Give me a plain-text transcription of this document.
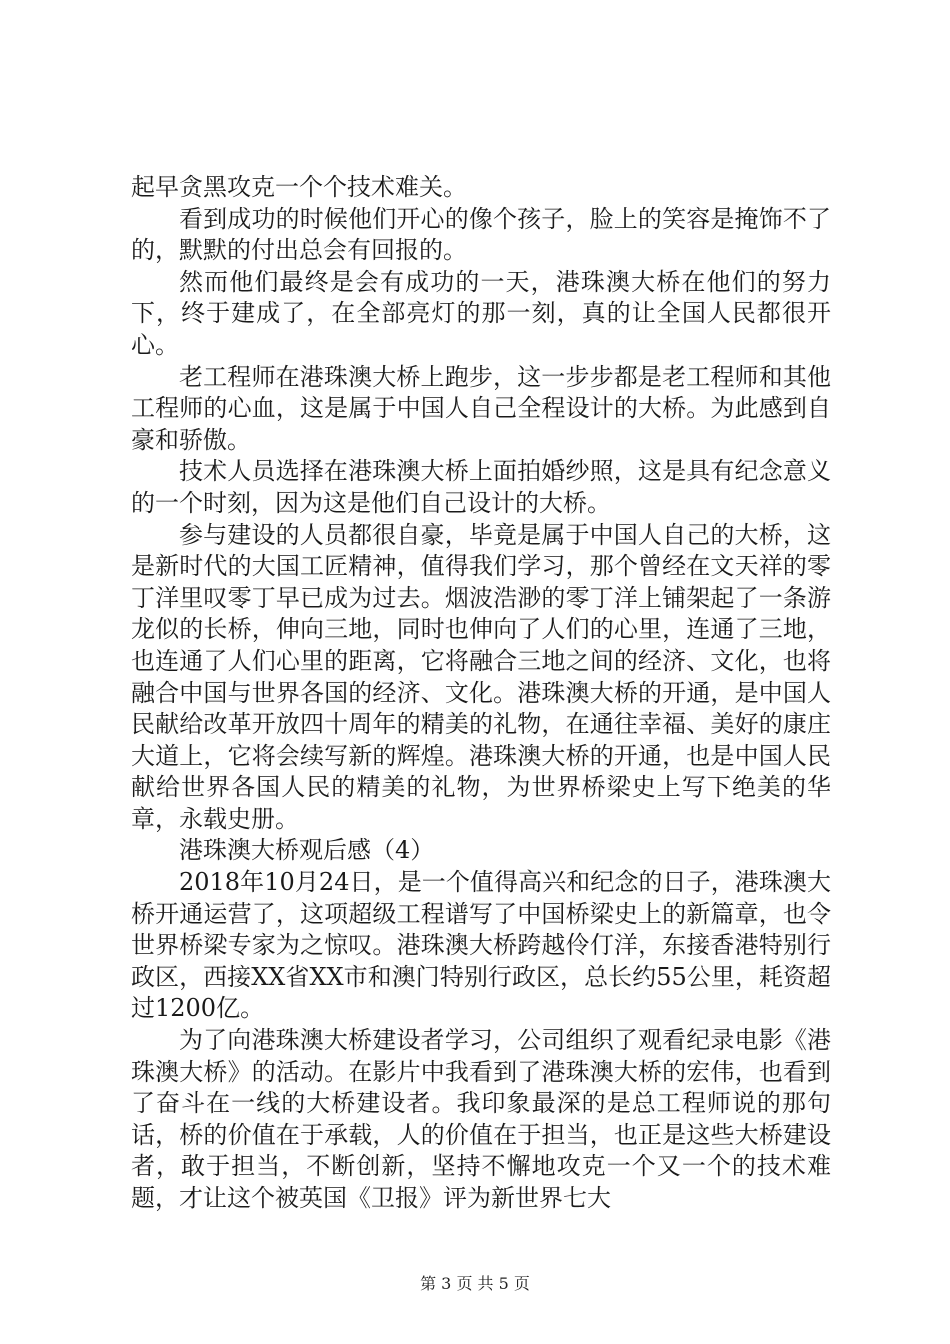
起早贪黑攻克一个个技术难关。

看到成功的时候他们开心的像个孩子，脸上的笑容是掩饰不了的，默默的付出总会有回报的。

然而他们最终是会有成功的一天，港珠澳大桥在他们的努力下，终于建成了，在全部亮灯的那一刻，真的让全国人民都很开心。

老工程师在港珠澳大桥上跑步，这一步步都是老工程师和其他工程师的心血，这是属于中国人自己全程设计的大桥。为此感到自豪和骄傲。

技术人员选择在港珠澳大桥上面拍婚纱照，这是具有纪念意义的一个时刻，因为这是他们自己设计的大桥。

参与建设的人员都很自豪，毕竟是属于中国人自己的大桥，这是新时代的大国工匠精神，值得我们学习，那个曾经在文天祥的零丁洋里叹零丁早已成为过去。烟波浩渺的零丁洋上铺架起了一条游龙似的长桥，伸向三地，同时也伸向了人们的心里，连通了三地，也连通了人们心里的距离，它将融合三地之间的经济、文化，也将融合中国与世界各国的经济、文化。港珠澳大桥的开通，是中国人民献给改革开放四十周年的精美的礼物，在通往幸福、美好的康庄大道上，它将会续写新的辉煌。港珠澳大桥的开通，也是中国人民献给世界各国人民的精美的礼物，为世界桥梁史上写下绝美的华章，永载史册。

港珠澳大桥观后感（4）

2018年10月24日，是一个值得高兴和纪念的日子，港珠澳大桥开通运营了，这项超级工程谱写了中国桥梁史上的新篇章，也令世界桥梁专家为之惊叹。港珠澳大桥跨越伶仃洋，东接香港特别行政区，西接XX省XX市和澳门特别行政区，总长约55公里，耗资超过1200亿。

为了向港珠澳大桥建设者学习，公司组织了观看纪录电影《港珠澳大桥》的活动。在影片中我看到了港珠澳大桥的宏伟，也看到了奋斗在一线的大桥建设者。我印象最深的是总工程师说的那句话，桥的价值在于承载，人的价值在于担当，也正是这些大桥建设者，敢于担当，不断创新，坚持不懈地攻克一个又一个的技术难题，才让这个被英国《卫报》评为新世界七大

第 3 页 共 5 页
